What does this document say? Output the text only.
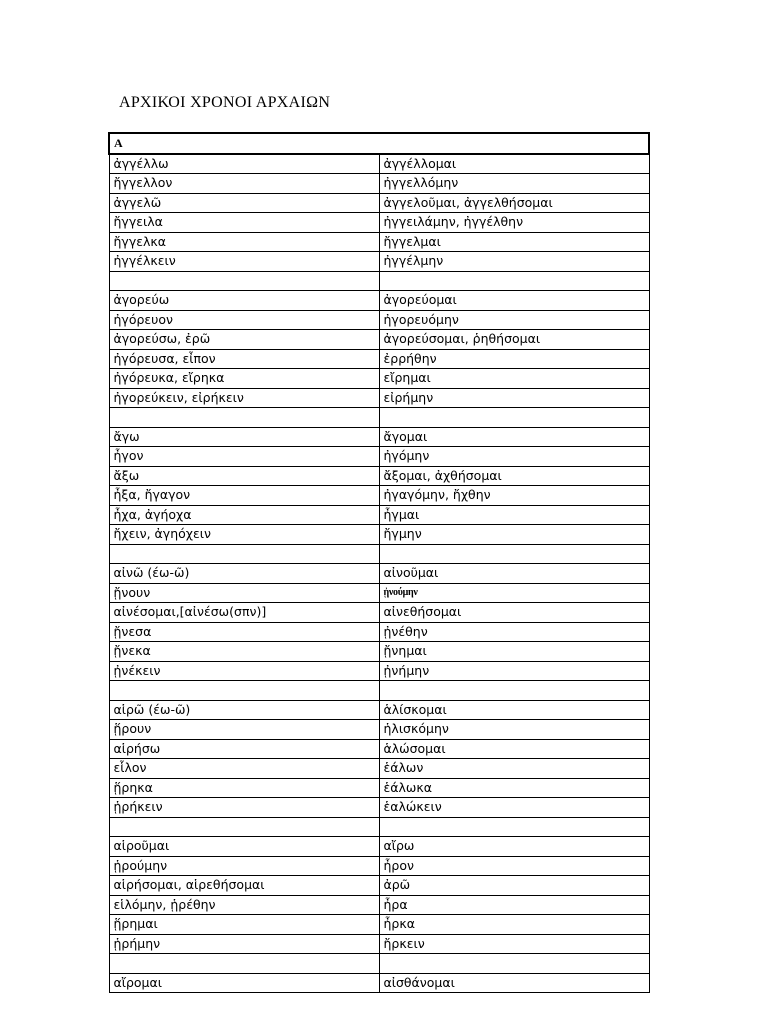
ΑΡΧΙΚΟΙ ΧΡΟΝΟΙ ΑΡΧΑΙΩΝ
Α	
ἀγγέλλω	ἀγγέλλομαι
ἤγγελλον	ἠγγελλόμην
ἀγγελῶ	ἀγγελοῦμαι, ἀγγελθήσομαι
ἤγγειλα	ἠγγειλάμην, ἠγγέλθην
ἤγγελκα	ἤγγελμαι
ἠγγέλκειν	ἠγγέλμην

ἀγορεύω	ἀγορεύομαι
ἠγόρευον	ἠγορευόμην
ἀγορεύσω, ἐρῶ	ἀγορεύσομαι, ῥηθήσομαι
ἠγόρευσα, εἶπον	ἐρρήθην
ἠγόρευκα, εἴρηκα	εἴρημαι
ἠγορεύκειν, εἰρήκειν	εἰρήμην

ἄγω	ἄγομαι
ἦγον	ἠγόμην
ἄξω	ἄξομαι, ἀχθήσομαι
ἦξα, ἤγαγον	ἠγαγόμην, ἤχθην
ἦχα, ἀγήοχα	ἦγμαι
ἤχειν, ἀγηόχειν	ἤγμην

αἰνῶ (έω-ῶ)	αἰνοῦμαι
ᾔνουν	ᾐνούμην
αἰνέσομαι,[αἰνέσω(σπν)]	αἰνεθήσομαι
ᾔνεσα	ᾐνέθην
ᾔνεκα	ᾔνημαι
ᾐνέκειν	ᾐνήμην

αἱρῶ (έω-ῶ)	ἁλίσκομαι
ᾕρουν	ἡλισκόμην
αἱρήσω	ἁλώσομαι
εἷλον	ἑάλων
ᾕρηκα	ἑάλωκα
ᾑρήκειν	ἑαλώκειν

αἱροῦμαι	αἴρω
ᾑρούμην	ἦρον
αἱρήσομαι, αἱρεθήσομαι	ἀρῶ
εἱλόμην, ᾑρέθην	ἦρα
ᾕρημαι	ἦρκα
ᾑρήμην	ἤρκειν

αἴρομαι	αἰσθάνομαι
